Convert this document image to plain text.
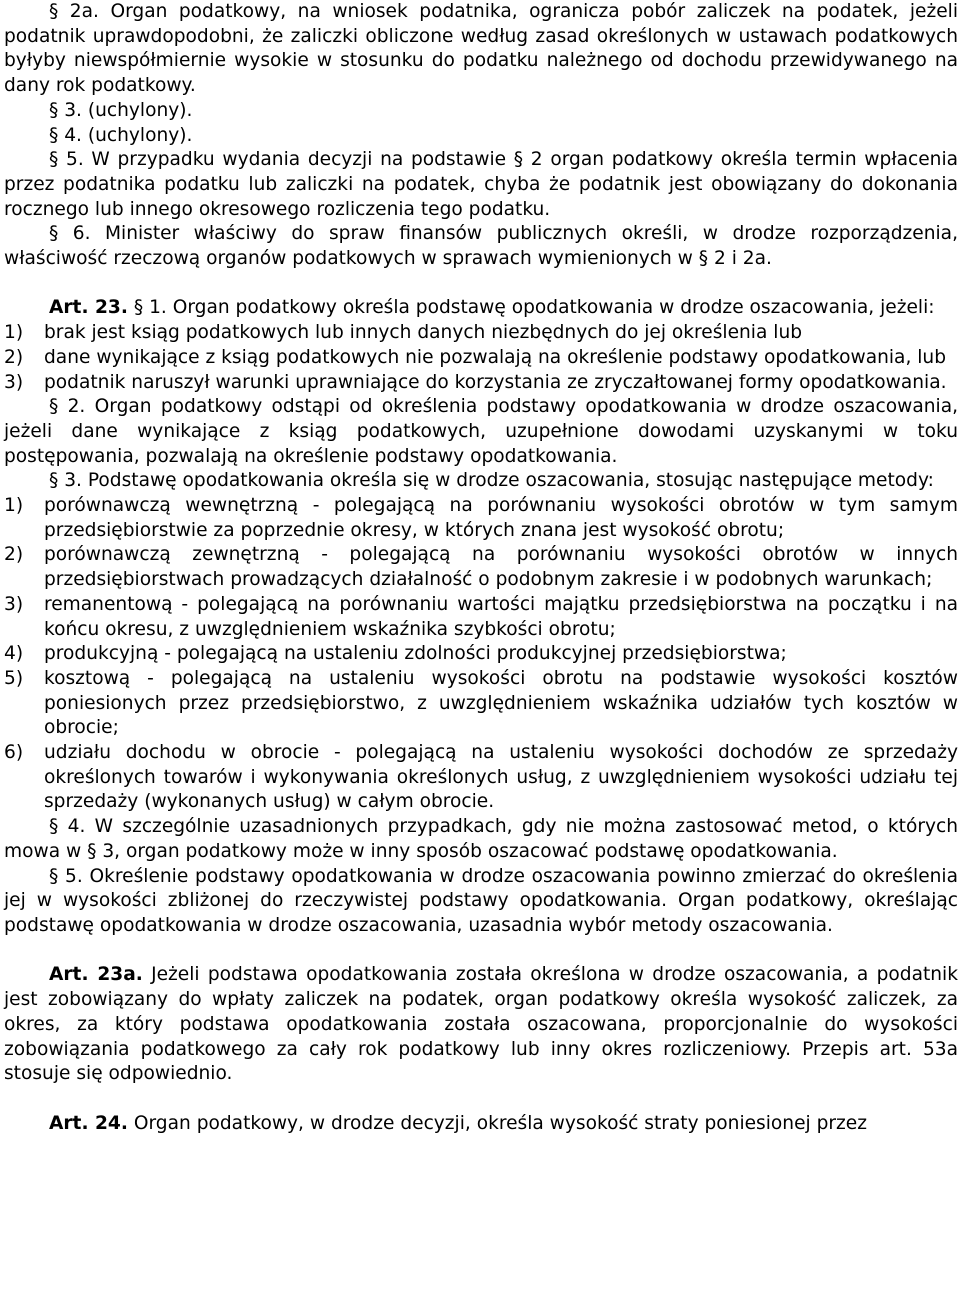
§ 2a. Organ podatkowy, na wniosek podatnika, ogranicza pobór zaliczek na podatek, jeżeli podatnik uprawdopodobni, że zaliczki obliczone według zasad określonych w ustawach podatkowych byłyby niewspółmiernie wysokie w stosunku do podatku należnego od dochodu przewidywanego na dany rok podatkowy.

§ 3. (uchylony).

§ 4. (uchylony).

§ 5. W przypadku wydania decyzji na podstawie § 2 organ podatkowy określa termin wpłacenia przez podatnika podatku lub zaliczki na podatek, chyba że podatnik jest obowiązany do dokonania rocznego lub innego okresowego rozliczenia tego podatku.

§ 6. Minister właściwy do spraw finansów publicznych określi, w drodze rozporządzenia, właściwość rzeczową organów podatkowych w sprawach wymienionych w § 2 i 2a.

Art. 23. § 1. Organ podatkowy określa podstawę opodatkowania w drodze oszacowania, jeżeli:

1)	brak jest ksiąg podatkowych lub innych danych niezbędnych do jej określenia lub
2)	dane wynikające z ksiąg podatkowych nie pozwalają na określenie podstawy opodatkowania, lub
3)	podatnik naruszył warunki uprawniające do korzystania ze zryczałtowanej formy opodatkowania.

§ 2. Organ podatkowy odstąpi od określenia podstawy opodatkowania w drodze oszacowania, jeżeli dane wynikające z ksiąg podatkowych, uzupełnione dowodami uzyskanymi w toku postępowania, pozwalają na określenie podstawy opodatkowania.

§ 3. Podstawę opodatkowania określa się w drodze oszacowania, stosując następujące metody:

1)	porównawczą wewnętrzną - polegającą na porównaniu wysokości obrotów w tym samym przedsiębiorstwie za poprzednie okresy, w których znana jest wysokość obrotu;
2)	porównawczą zewnętrzną - polegającą na porównaniu wysokości obrotów w innych przedsiębiorstwach prowadzących działalność o podobnym zakresie i w podobnych warunkach;
3)	remanentową - polegającą na porównaniu wartości majątku przedsiębiorstwa na początku i na końcu okresu, z uwzględnieniem wskaźnika szybkości obrotu;
4)	produkcyjną - polegającą na ustaleniu zdolności produkcyjnej przedsiębiorstwa;
5)	kosztową - polegającą na ustaleniu wysokości obrotu na podstawie wysokości kosztów poniesionych przez przedsiębiorstwo, z uwzględnieniem wskaźnika udziałów tych kosztów w obrocie;
6)	udziału dochodu w obrocie - polegającą na ustaleniu wysokości dochodów ze sprzedaży określonych towarów i wykonywania określonych usług, z uwzględnieniem wysokości udziału tej sprzedaży (wykonanych usług) w całym obrocie.

§ 4. W szczególnie uzasadnionych przypadkach, gdy nie można zastosować metod, o których mowa w § 3, organ podatkowy może w inny sposób oszacować podstawę opodatkowania.

§ 5. Określenie podstawy opodatkowania w drodze oszacowania powinno zmierzać do określenia jej w wysokości zbliżonej do rzeczywistej podstawy opodatkowania. Organ podatkowy, określając podstawę opodatkowania w drodze oszacowania, uzasadnia wybór metody oszacowania.

Art. 23a. Jeżeli podstawa opodatkowania została określona w drodze oszacowania, a podatnik jest zobowiązany do wpłaty zaliczek na podatek, organ podatkowy określa wysokość zaliczek, za okres, za który podstawa opodatkowania została oszacowana, proporcjonalnie do wysokości zobowiązania podatkowego za cały rok podatkowy lub inny okres rozliczeniowy. Przepis art. 53a stosuje się odpowiednio.

Art. 24. Organ podatkowy, w drodze decyzji, określa wysokość straty poniesionej przez
